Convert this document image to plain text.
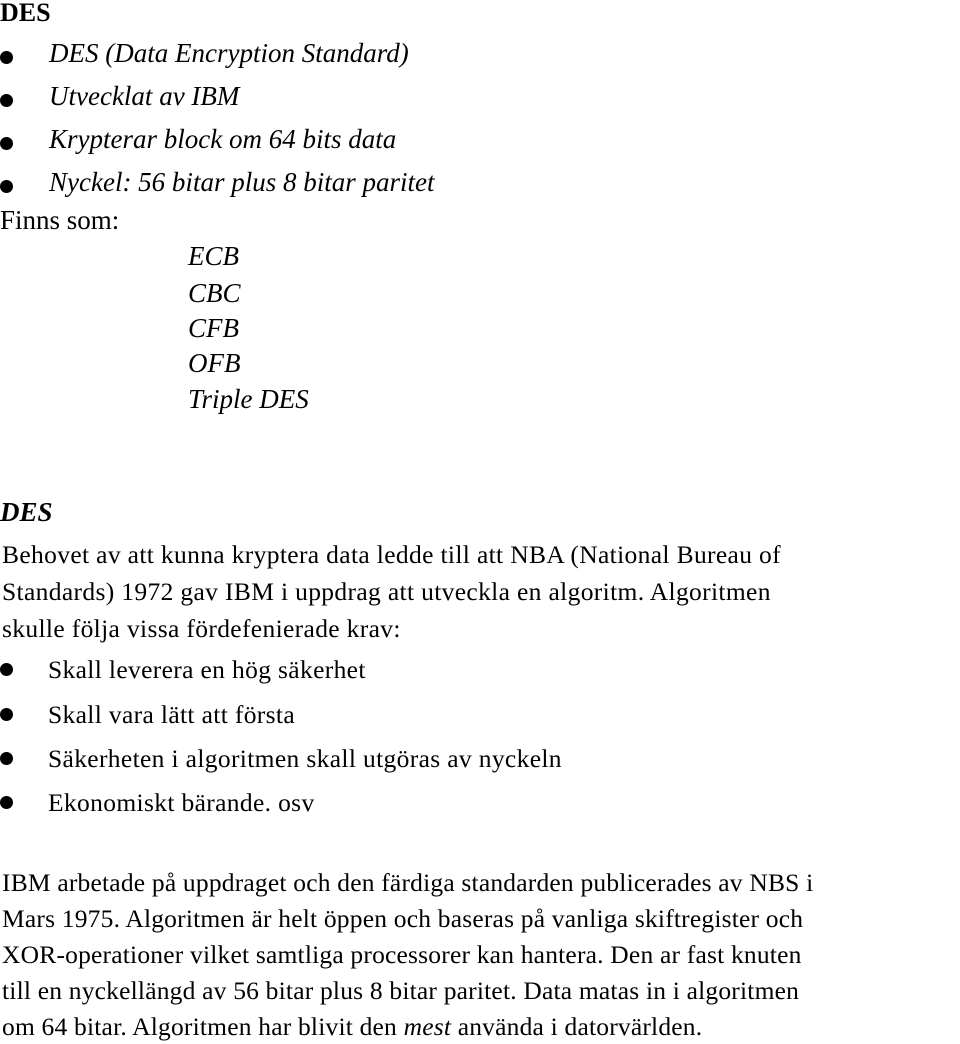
DES
DES (Data Encryption Standard)
Utvecklat av IBM
Krypterar block om 64 bits data
Nyckel: 56 bitar plus 8 bitar paritet
Finns som:
ECB
CBC
CFB
OFB
Triple DES
DES
Behovet av att kunna kryptera data ledde till att NBA (National Bureau of
Standards) 1972 gav IBM i uppdrag att utveckla en algoritm. Algoritmen
skulle följa vissa fördefenierade krav:
Skall leverera en hög säkerhet
Skall vara lätt att första
Säkerheten i algoritmen skall utgöras av nyckeln
Ekonomiskt bärande. osv
IBM arbetade på uppdraget och den färdiga standarden publicerades av NBS i
Mars 1975. Algoritmen är helt öppen och baseras på vanliga skiftregister och
XOR-operationer vilket samtliga processorer kan hantera. Den ar fast knuten
till en nyckellängd av 56 bitar plus 8 bitar paritet. Data matas in i algoritmen
om 64 bitar. Algoritmen har blivit den mest använda i datorvärlden.
